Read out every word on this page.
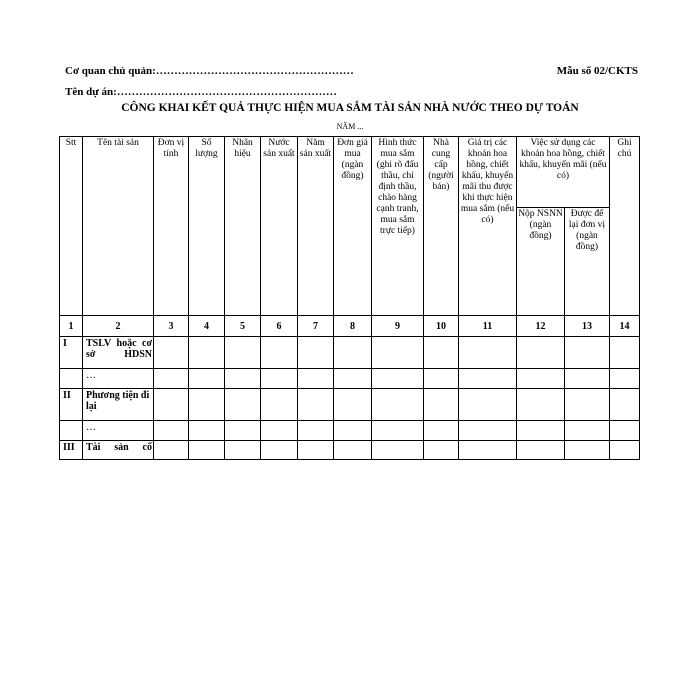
Cơ quan chủ quản:………………………………………………	Mẫu số 02/CKTS
Tên dự án:……………………………………………………
CÔNG KHAI KẾT QUẢ THỰC HIỆN MUA SẮM TÀI SẢN NHÀ NƯỚC THEO DỰ TOÁN
NĂM ...
Stt	Tên tài sản	Đơn vị tính	Số lượng	Nhãn hiệu	Nước sản xuất	Năm sản xuất	Đơn giá mua (ngàn đồng)	Hình thức mua sắm (ghi rõ đấu thầu, chỉ định thầu, chào hàng cạnh tranh, mua sắm trực tiếp)	Nhà cung cấp (người bán)	Giá trị các khoản hoa hồng, chiết khấu, khuyến mãi thu được khi thực hiện mua sắm (nếu có)	Việc sử dụng các khoản hoa hồng, chiết khấu, khuyến mãi (nếu có)		Ghi chú
											Nộp NSNN (ngàn đồng)	Được để lại đơn vị (ngàn đồng)	
1	2	3	4	5	6	7	8	9	10	11	12	13	14
I	TSLV hoặc cơ sở HDSN												
	…												
II	Phương tiện đi lại												
	…												
III	Tài sản cố												
